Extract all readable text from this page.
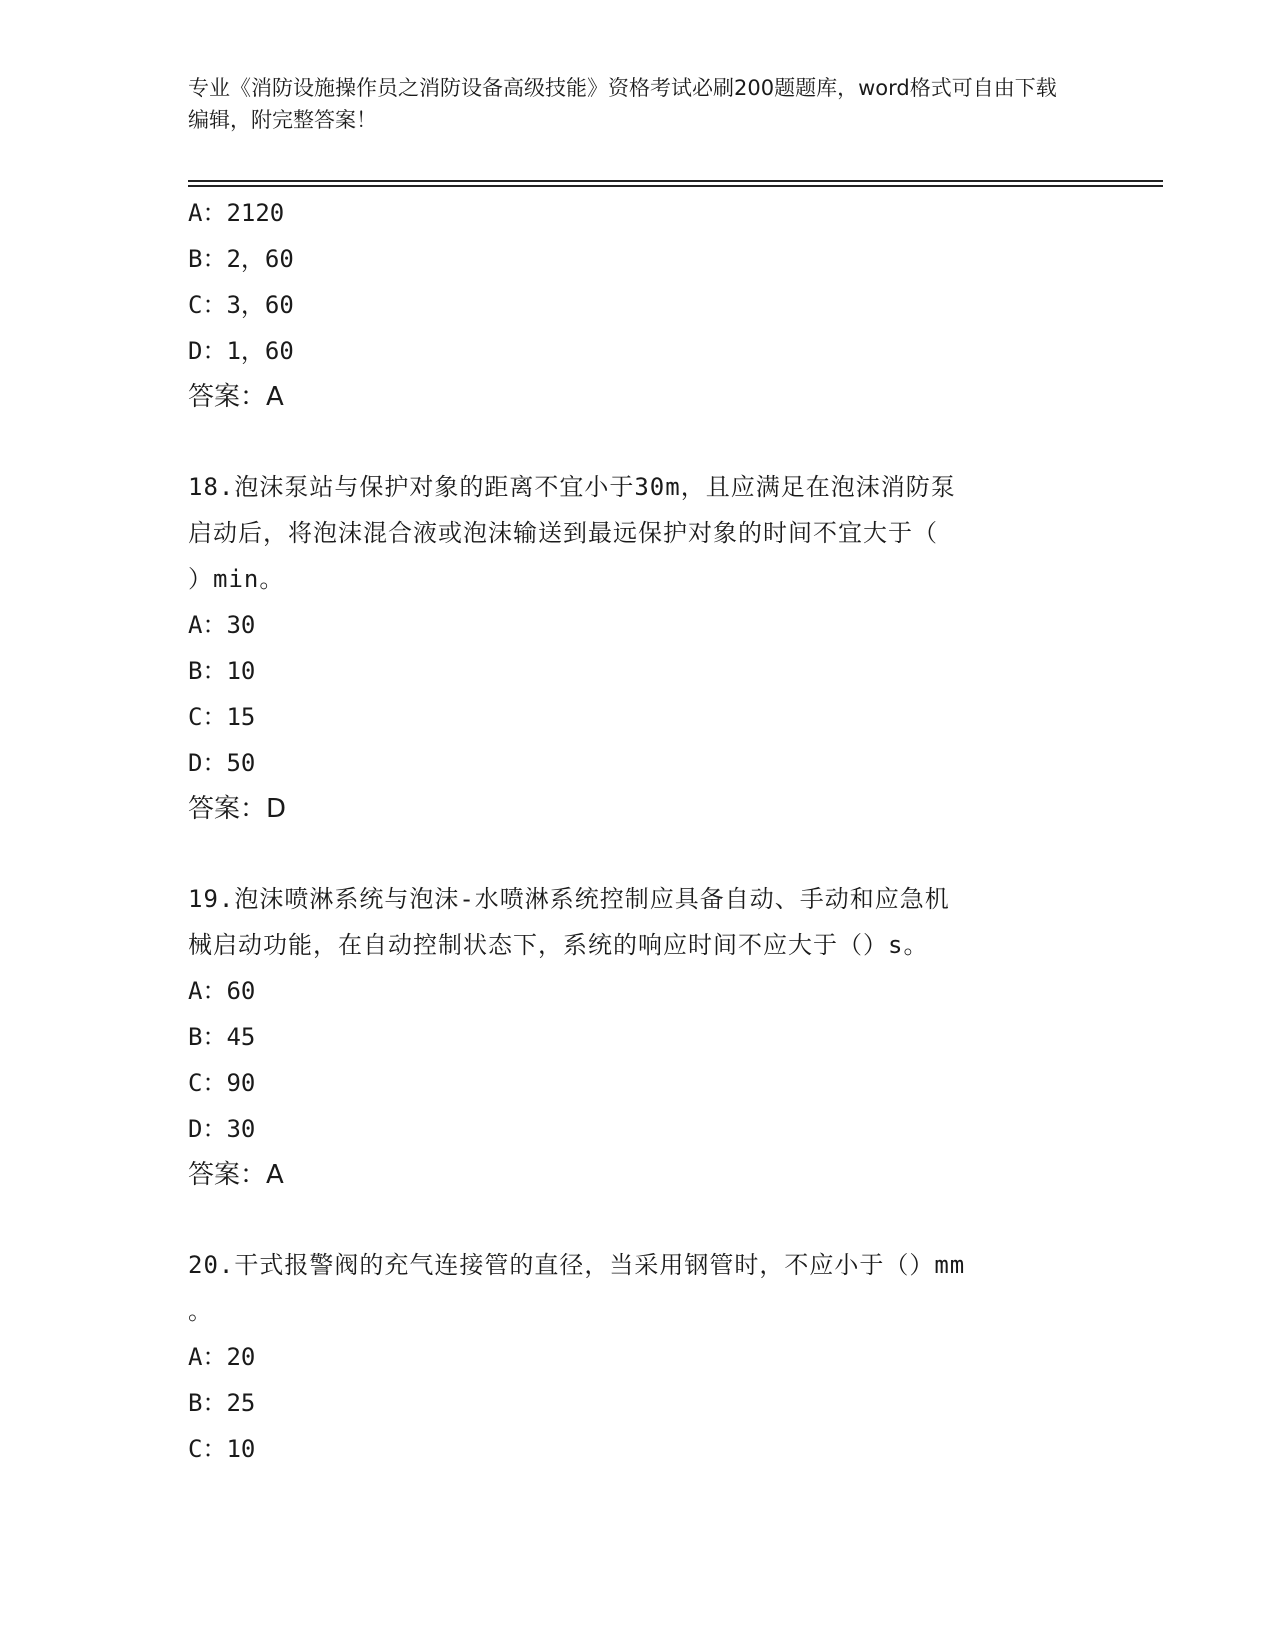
专业《消防设施操作员之消防设备高级技能》资格考试必刷200题题库，word格式可自由下载编辑，附完整答案！
A：2120
B：2，60
C：3，60
D：1，60
答案：A
18.泡沫泵站与保护对象的距离不宜小于30m，且应满足在泡沫消防泵
启动后，将泡沫混合液或泡沫输送到最远保护对象的时间不宜大于（
）min。
A：30
B：10
C：15
D：50
答案：D
19.泡沫喷淋系统与泡沫-水喷淋系统控制应具备自动、手动和应急机
械启动功能，在自动控制状态下，系统的响应时间不应大于（）s。
A：60
B：45
C：90
D：30
答案：A
20.干式报警阀的充气连接管的直径，当采用钢管时，不应小于（）mm
。
A：20
B：25
C：10
